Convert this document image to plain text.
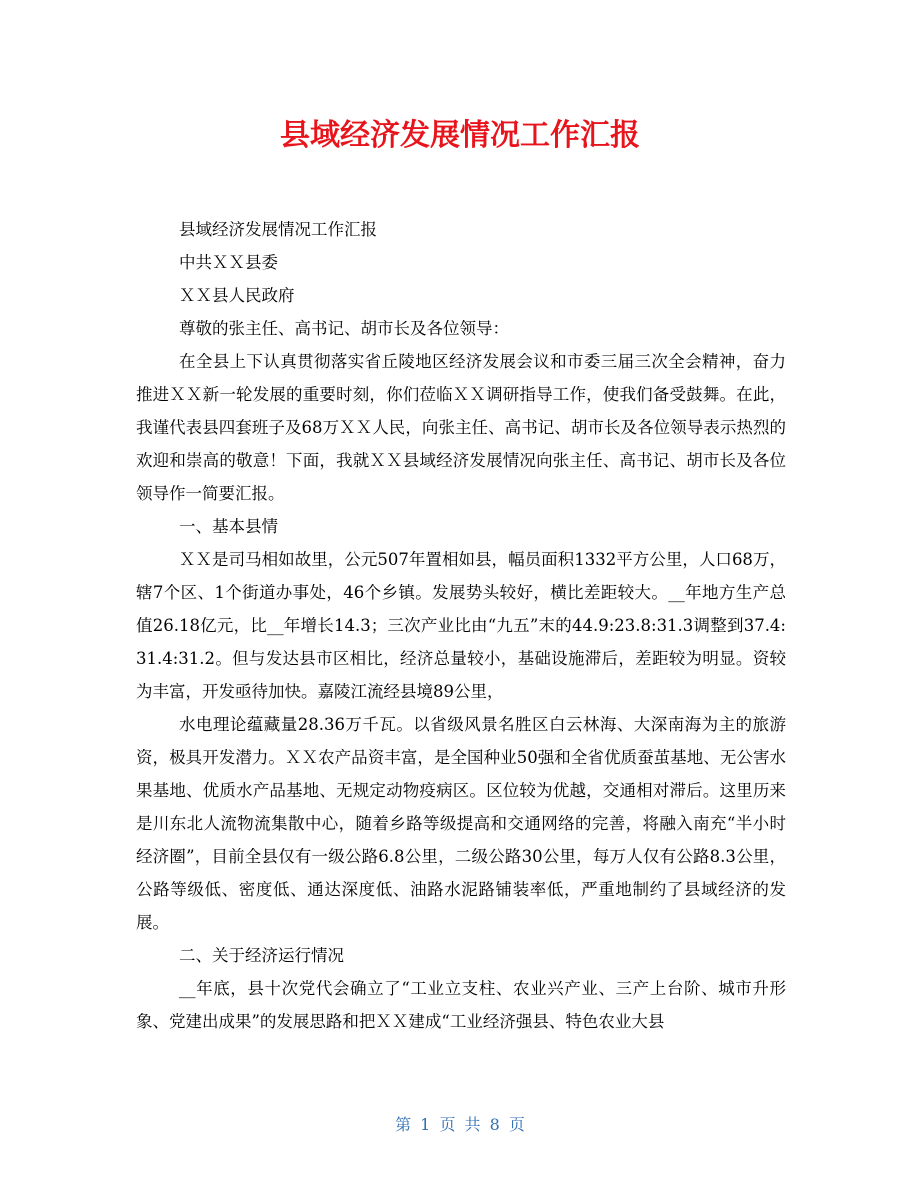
县域经济发展情况工作汇报

县域经济发展情况工作汇报

中共ＸＸ县委

ＸＸ县人民政府

尊敬的张主任、高书记、胡市长及各位领导：

在全县上下认真贯彻落实省丘陵地区经济发展会议和市委三届三次全会精神，奋力推进ＸＸ新一轮发展的重要时刻，你们莅临ＸＸ调研指导工作，使我们备受鼓舞。在此，我谨代表县四套班子及68万ＸＸ人民，向张主任、高书记、胡市长及各位领导表示热烈的欢迎和崇高的敬意！下面，我就ＸＸ县域经济发展情况向张主任、高书记、胡市长及各位领导作一简要汇报。

一、基本县情

ＸＸ是司马相如故里，公元507年置相如县，幅员面积1332平方公里，人口68万，辖7个区、1个街道办事处，46个乡镇。发展势头较好，横比差距较大。__年地方生产总值26.18亿元，比__年增长14.3；三次产业比由“九五”末的44.9:23.8:31.3调整到37.4:31.4:31.2。但与发达县市区相比，经济总量较小，基础设施滞后，差距较为明显。资较为丰富，开发亟待加快。嘉陵江流经县境89公里，

水电理论蕴藏量28.36万千瓦。以省级风景名胜区白云林海、大深南海为主的旅游资，极具开发潜力。ＸＸ农产品资丰富，是全国种业50强和全省优质蚕茧基地、无公害水果基地、优质水产品基地、无规定动物疫病区。区位较为优越，交通相对滞后。这里历来是川东北人流物流集散中心，随着乡路等级提高和交通网络的完善，将融入南充“半小时经济圈”，目前全县仅有一级公路6.8公里，二级公路30公里，每万人仅有公路8.3公里，公路等级低、密度低、通达深度低、油路水泥路铺装率低，严重地制约了县域经济的发展。

二、关于经济运行情况

__年底，县十次党代会确立了“工业立支柱、农业兴产业、三产上台阶、城市升形象、党建出成果”的发展思路和把ＸＸ建成“工业经济强县、特色农业大县

第 1 页 共 8 页
